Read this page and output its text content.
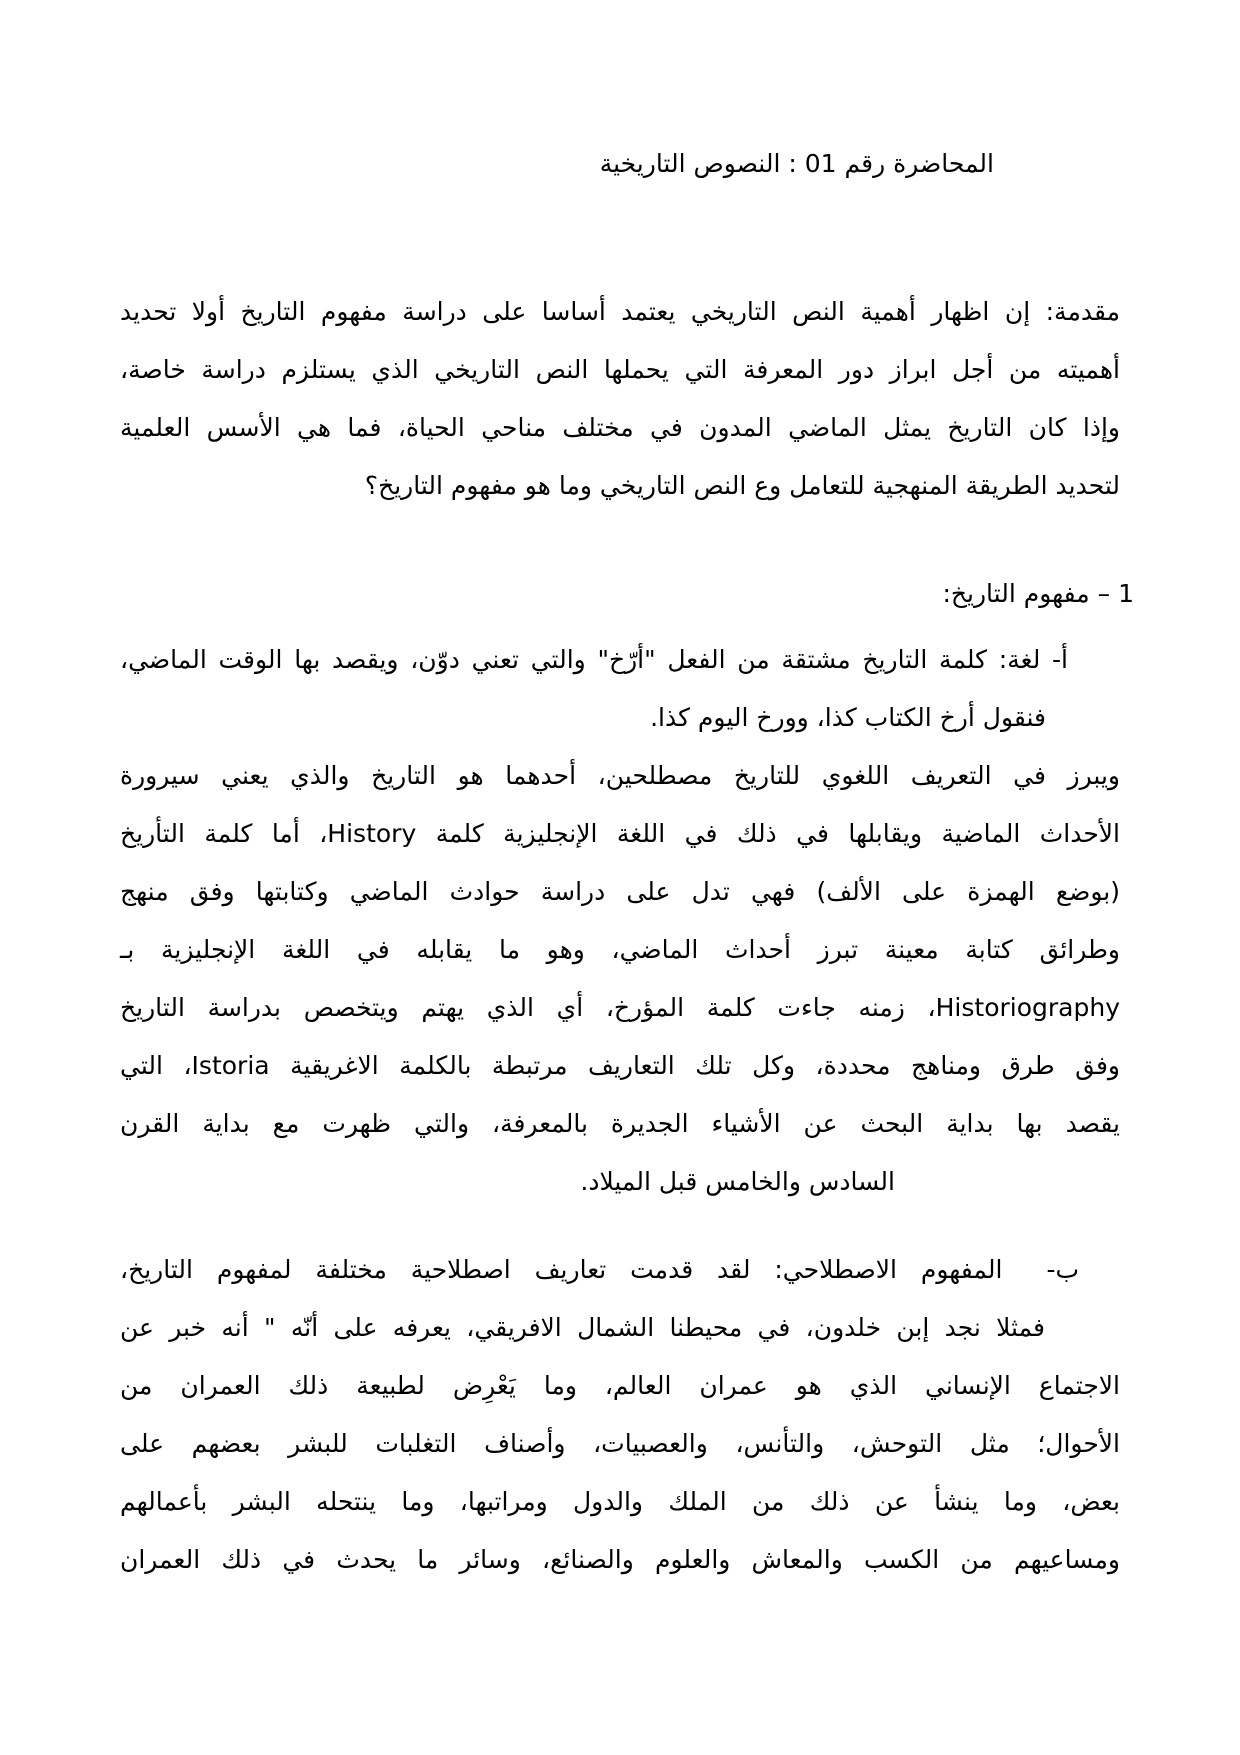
المحاضرة رقم 01 : النصوص التاريخية

مقدمة: إن اظهار أهمية النص التاريخي يعتمد أساسا على دراسة مفهوم التاريخ أولا تحديد

أهميته من أجل ابراز دور المعرفة التي يحملها النص التاريخي الذي يستلزم دراسة خاصة،

وإذا كان التاريخ يمثل الماضي المدون في مختلف مناحي الحياة، فما هي الأسس العلمية

لتحديد الطريقة المنهجية للتعامل وع النص التاريخي وما هو مفهوم التاريخ؟

1 – مفهوم التاريخ:

أ- لغة: كلمة التاريخ مشتقة من الفعل "أرّخ" والتي تعني دوّن، ويقصد بها الوقت الماضي،

فنقول أرخ الكتاب كذا، وورخ اليوم كذا.

ويبرز في التعريف اللغوي للتاريخ مصطلحين، أحدهما هو التاريخ والذي يعني سيرورة

الأحداث الماضية ويقابلها في ذلك في اللغة الإنجليزية كلمة History، أما كلمة التأريخ

(بوضع الهمزة على الألف) فهي تدل على دراسة حوادث الماضي وكتابتها وفق منهج

وطرائق كتابة معينة تبرز أحداث الماضي، وهو ما يقابله في اللغة الإنجليزية بـ

Historiography، زمنه جاءت كلمة المؤرخ، أي الذي يهتم ويتخصص بدراسة التاريخ

وفق طرق ومناهج محددة، وكل تلك التعاريف مرتبطة بالكلمة الاغريقية Istoria، التي

يقصد بها بداية البحث عن الأشياء الجديرة بالمعرفة، والتي ظهرت مع بداية القرن

السادس والخامس قبل الميلاد.

ب-المفهوم الاصطلاحي: لقد قدمت تعاريف اصطلاحية مختلفة لمفهوم التاريخ،

فمثلا نجد إبن خلدون، في محيطنا الشمال الافريقي، يعرفه على أنّه " أنه خبر عن

الاجتماع الإنساني الذي هو عمران العالم، وما يَعْرِض لطبيعة ذلك العمران من

الأحوال؛ مثل التوحش، والتأنس، والعصبيات، وأصناف التغلبات للبشر بعضهم على

بعض، وما ينشأ عن ذلك من الملك والدول ومراتبها، وما ينتحله البشر بأعمالهم

ومساعيهم من الكسب والمعاش والعلوم والصنائع، وسائر ما يحدث في ذلك العمران
